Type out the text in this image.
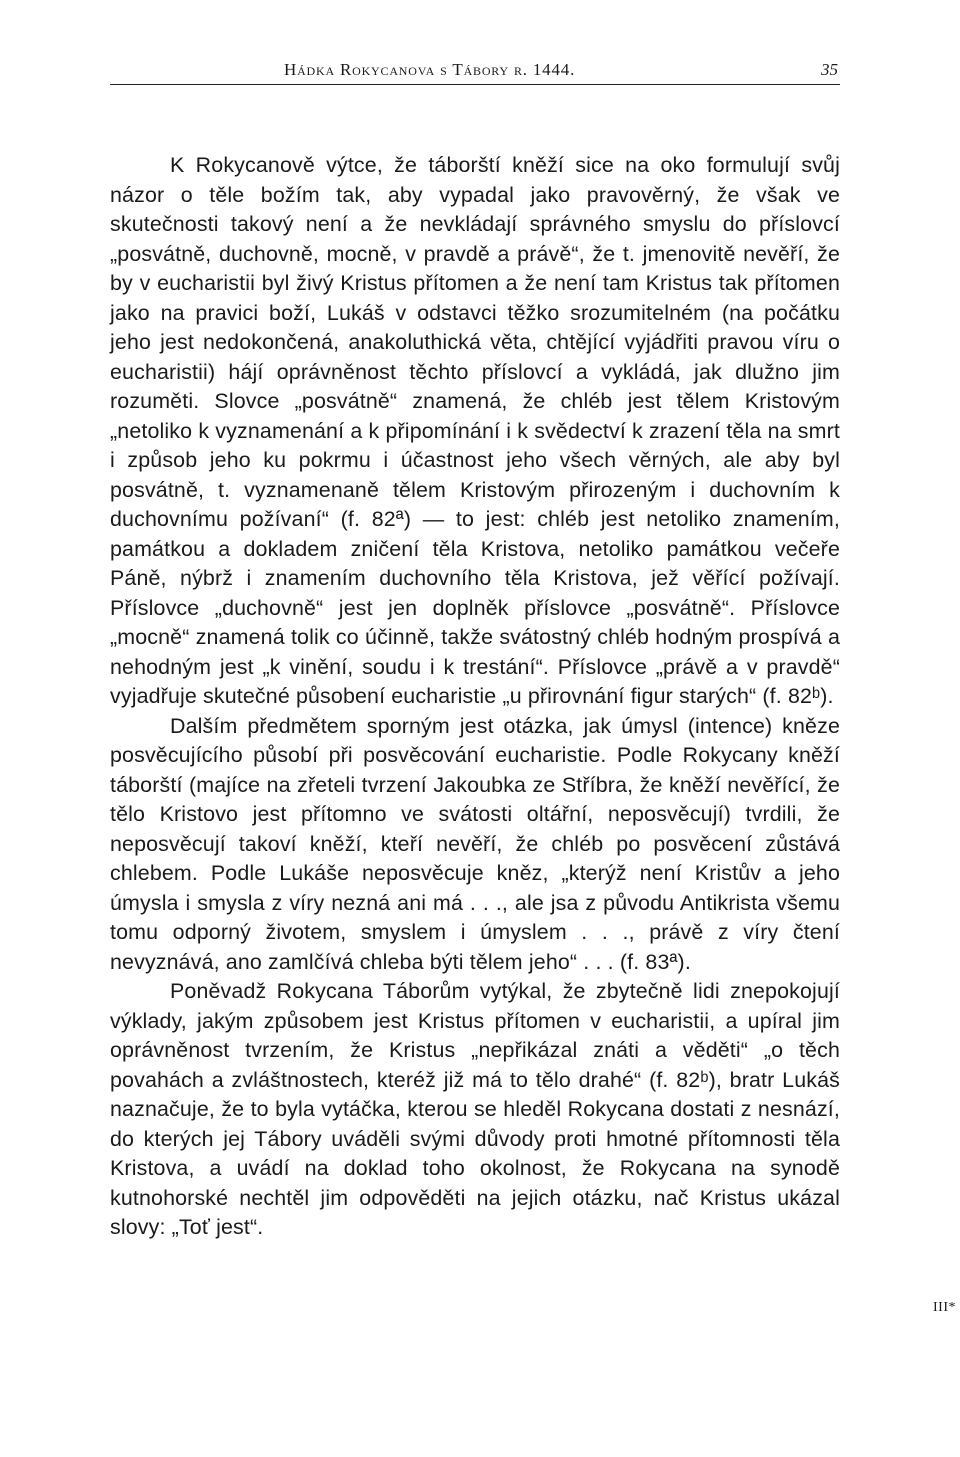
Hádka Rokycanova s Tábory r. 1444.	35

K Rokycanově výtce, že táborští kněží sice na oko formulují svůj názor o těle božím tak, aby vypadal jako pravověrný, že však ve skutečnosti takový není a že nevkládají správného smyslu do příslovcí „posvátně, duchovně, mocně, v pravdě a právě“, že t. jmenovitě nevěří, že by v eucharistii byl živý Kristus přítomen a že není tam Kristus tak přítomen jako na pravici boží, Lukáš v odstavci těžko srozumitelném (na počátku jeho jest nedokončená, anakoluthická věta, chtějící vyjádřiti pravou víru o eucharistii) hájí oprávněnost těchto příslovcí a vykládá, jak dlužno jim rozuměti. Slovce „posvátně“ znamená, že chléb jest tělem Kristovým „netoliko k vyznamenání a k připomínání i k svědectví k zrazení těla na smrt i způsob jeho ku pokrmu i účastnost jeho všech věrných, ale aby byl posvátně, t. vyznamenaně tělem Kristovým přirozeným i duchovním k duchovnímu požívaní“ (f. 82ª) — to jest: chléb jest netoliko znamením, památkou a dokladem zničení těla Kristova, netoliko památkou večeře Páně, nýbrž i znamením duchovního těla Kristova, jež věřící požívají. Příslovce „duchovně“ jest jen doplněk příslovce „posvátně“. Příslovce „mocně“ znamená tolik co účinně, takže svátostný chléb hodným prospívá a nehodným jest „k vinění, soudu i k trestání“. Příslovce „právě a v pravdě“ vyjadřuje skutečné působení eucharistie „u přirovnání figur starých“ (f. 82ᵇ).

Dalším předmětem sporným jest otázka, jak úmysl (intence) kněze posvěcujícího působí při posvěcování eucharistie. Podle Rokycany kněží táborští (majíce na zřeteli tvrzení Jakoubka ze Stříbra, že kněží nevěřící, že tělo Kristovo jest přítomno ve svátosti oltářní, neposvěcují) tvrdili, že neposvěcují takoví kněží, kteří nevěří, že chléb po posvěcení zůstává chlebem. Podle Lukáše neposvěcuje kněz, „kterýž není Kristův a jeho úmysla i smysla z víry nezná ani má . . ., ale jsa z původu Antikrista všemu tomu odporný životem, smyslem i úmyslem . . ., právě z víry čtení nevyznává, ano zamlčívá chleba býti tělem jeho“ . . . (f. 83ª).

Poněvadž Rokycana Táborům vytýkal, že zbytečně lidi znepokojují výklady, jakým způsobem jest Kristus přítomen v eucharistii, a upíral jim oprávněnost tvrzením, že Kristus „nepřikázal znáti a věděti“ „o těch povahách a zvláštnostech, kteréž již má to tělo drahé“ (f. 82ᵇ), bratr Lukáš naznačuje, že to byla vytáčka, kterou se hleděl Rokycana dostati z nesnází, do kterých jej Tábory uváděli svými důvody proti hmotné přítomnosti těla Kristova, a uvádí na doklad toho okolnost, že Rokycana na synodě kutnohorské nechtěl jim odpověděti na jejich otázku, nač Kristus ukázal slovy: „Toť jest“.

III*
